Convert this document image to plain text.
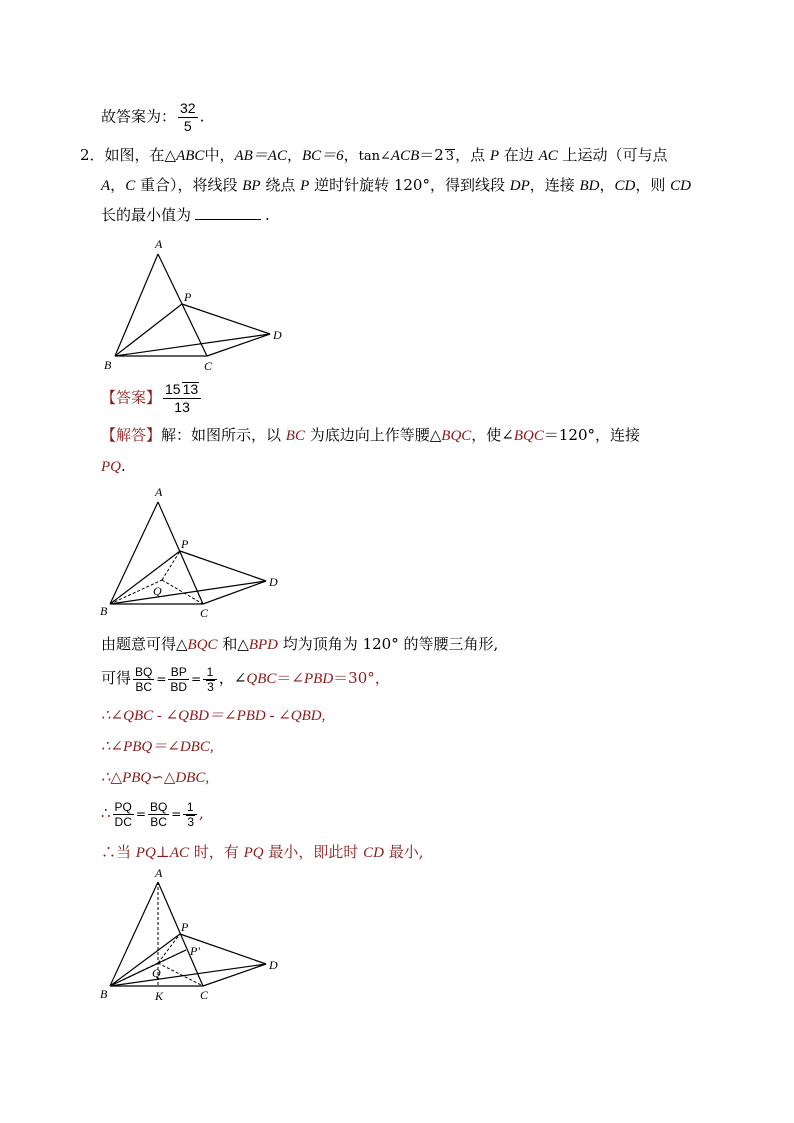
故答案为： $\frac{32}{5}$ .
2．如图，在△ABC中，AB＝AC，BC＝6，tan∠ACB＝2 3，点 P 在边 AC 上运动（可与点
A，C 重合），将线段 BP 绕点 P 逆时针旋转 120°，得到线段 DP，连接 BD，CD，则 CD
长的最小值为	.
A
B	C
D
P
【答案】 $\frac{15 13}{13}$
【解答】解：如图所示，以 BC 为底边向上作等腰△BQC，使∠BQC＝120°，连接
PQ.
A
B	C
D
P
Q
由题意可得△BQC 和△BPD 均为顶角为 120° 的等腰三角形,
可得 $\frac{BQ}{BC} = \frac{BP}{BD} = \frac{1}{3}$ ，∠QBC＝∠PBD＝30°，
∴∠QBC - ∠QBD＝∠PBD - ∠QBD,
∴∠PBQ＝∠DBC,
∴△PBQ∽△DBC,
∴ $\frac{PQ}{DC} = \frac{BQ}{BC} = \frac{1}{3}$ ,
∴当 PQ⊥AC 时，有 PQ 最小，即此时 CD 最小,
A
B	C
D
P
Q
P′
K
